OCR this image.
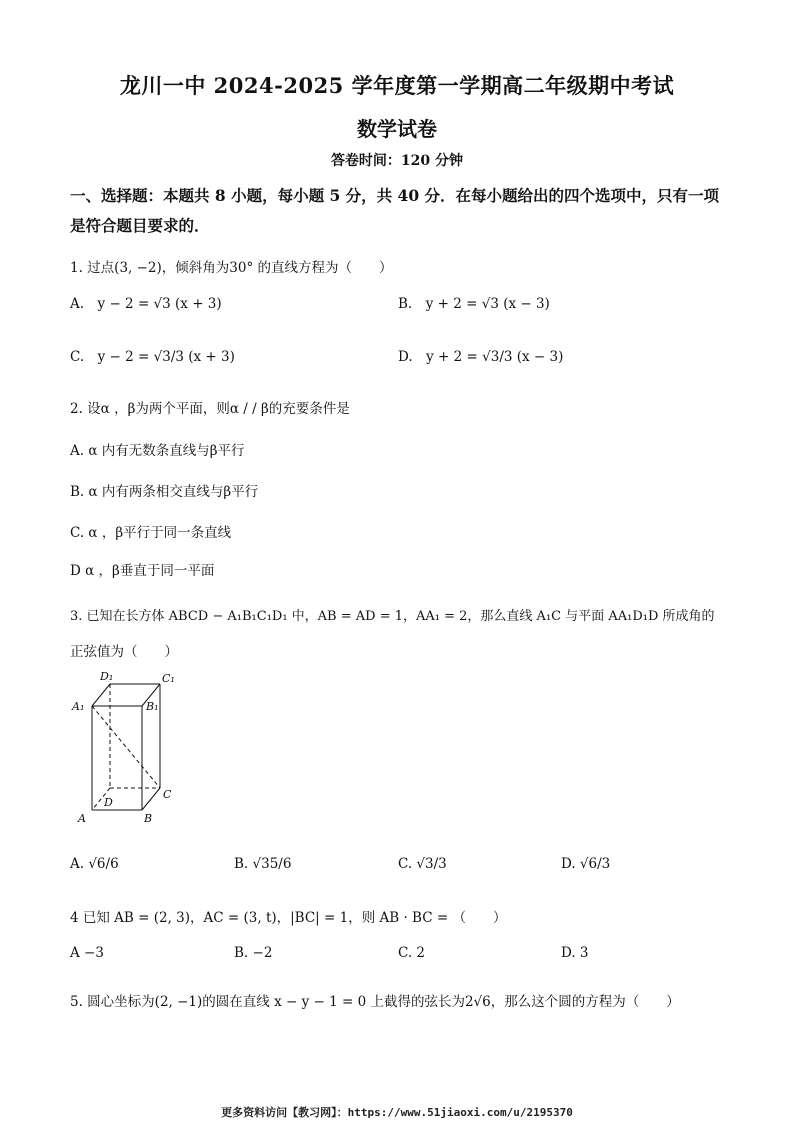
龙川一中 2024-2025 学年度第一学期高二年级期中考试
数学试卷
答卷时间：120 分钟
一、选择题：本题共 8 小题，每小题 5 分，共 40 分．在每小题给出的四个选项中，只有一项
是符合题目要求的．
1. 过点(3, −2)，倾斜角为30° 的直线方程为（　　）
A.　y − 2 = √3 (x + 3)	B.　y + 2 = √3 (x − 3)
C.　y − 2 = √3/3 (x + 3)	D.　y + 2 = √3/3 (x − 3)
2. 设α ，β为两个平面，则α / / β的充要条件是
A. α 内有无数条直线与β平行
B. α 内有两条相交直线与β平行
C. α ，β平行于同一条直线
D α ，β垂直于同一平面
3. 已知在长方体 ABCD − A₁B₁C₁D₁ 中，AB = AD = 1，AA₁ = 2，那么直线 A₁C 与平面 AA₁D₁D 所成角的
正弦值为（　　）
D₁	C₁
A₁	B₁
D
C
A	B
A. √6/6	B. √35/6	C. √3/3	D. √6/3
4 已知 AB = (2, 3)，AC = (3, t)，|BC| = 1，则 AB · BC = （　　）
A −3	B. −2	C. 2	D. 3
5. 圆心坐标为(2, −1)的圆在直线 x − y − 1 = 0 上截得的弦长为2√6，那么这个圆的方程为（　　）
更多资料访问【教习网】：https://www.51jiaoxi.com/u/2195370
